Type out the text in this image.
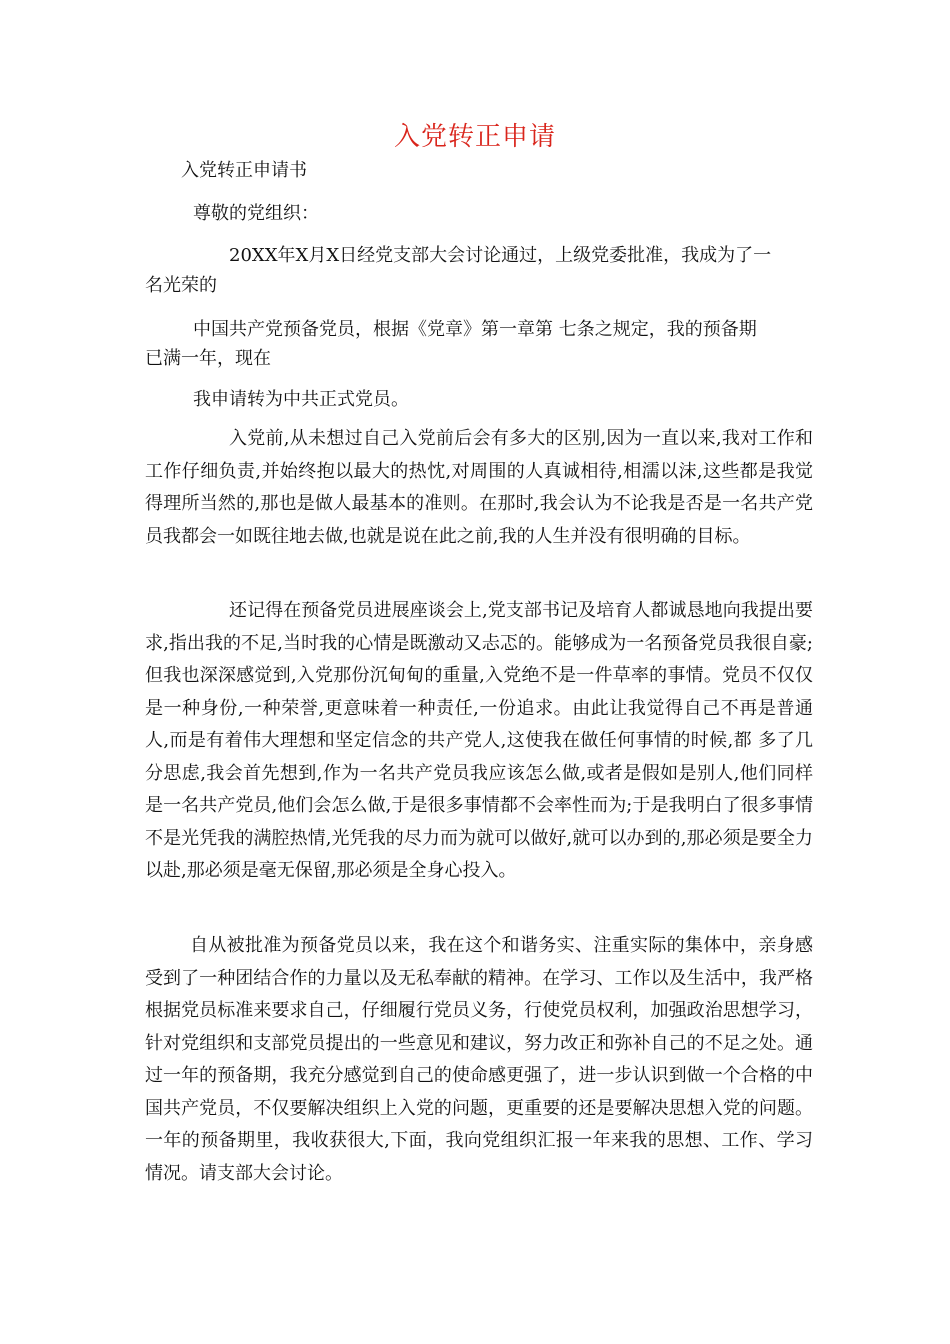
入党转正申请
入党转正申请书
尊敬的党组织：
20XX年X月X日经党支部大会讨论通过，上级党委批准，我成为了一
名光荣的
中国共产党预备党员，根据《党章》第一章第 七条之规定，我的预备期
已满一年，现在
我申请转为中共正式党员。

入党前,从未想过自己入党前后会有多大的区别,因为一直以来,我对工作和工作仔细负责,并始终抱以最大的热忱,对周围的人真诚相待,相濡以沫,这些都是我觉得理所当然的,那也是做人最基本的准则。在那时,我会认为不论我是否是一名共产党员我都会一如既往地去做,也就是说在此之前,我的人生并没有很明确的目标。

还记得在预备党员进展座谈会上,党支部书记及培育人都诚恳地向我提出要求,指出我的不足,当时我的心情是既激动又忐忑的。能够成为一名预备党员我很自豪;但我也深深感觉到,入党那份沉甸甸的重量,入党绝不是一件草率的事情。党员不仅仅是一种身份,一种荣誉,更意味着一种责任,一份追求。由此让我觉得自己不再是普通人,而是有着伟大理想和坚定信念的共产党人,这使我在做任何事情的时候,都 多了几分思虑,我会首先想到,作为一名共产党员我应该怎么做,或者是假如是别人,他们同样是一名共产党员,他们会怎么做,于是很多事情都不会率性而为;于是我明白了很多事情不是光凭我的满腔热情,光凭我的尽力而为就可以做好,就可以办到的,那必须是要全力以赴,那必须是毫无保留,那必须是全身心投入。

自从被批准为预备党员以来，我在这个和谐务实、注重实际的集体中，亲身感受到了一种团结合作的力量以及无私奉献的精神。在学习、工作以及生活中，我严格根据党员标准来要求自己，仔细履行党员义务，行使党员权利，加强政治思想学习，针对党组织和支部党员提出的一些意见和建议，努力改正和弥补自己的不足之处。通过一年的预备期，我充分感觉到自己的使命感更强了，进一步认识到做一个合格的中国共产党员，不仅要解决组织上入党的问题，更重要的还是要解决思想入党的问题。一年的预备期里，我收获很大,下面，我向党组织汇报一年来我的思想、工作、学习情况。请支部大会讨论。
